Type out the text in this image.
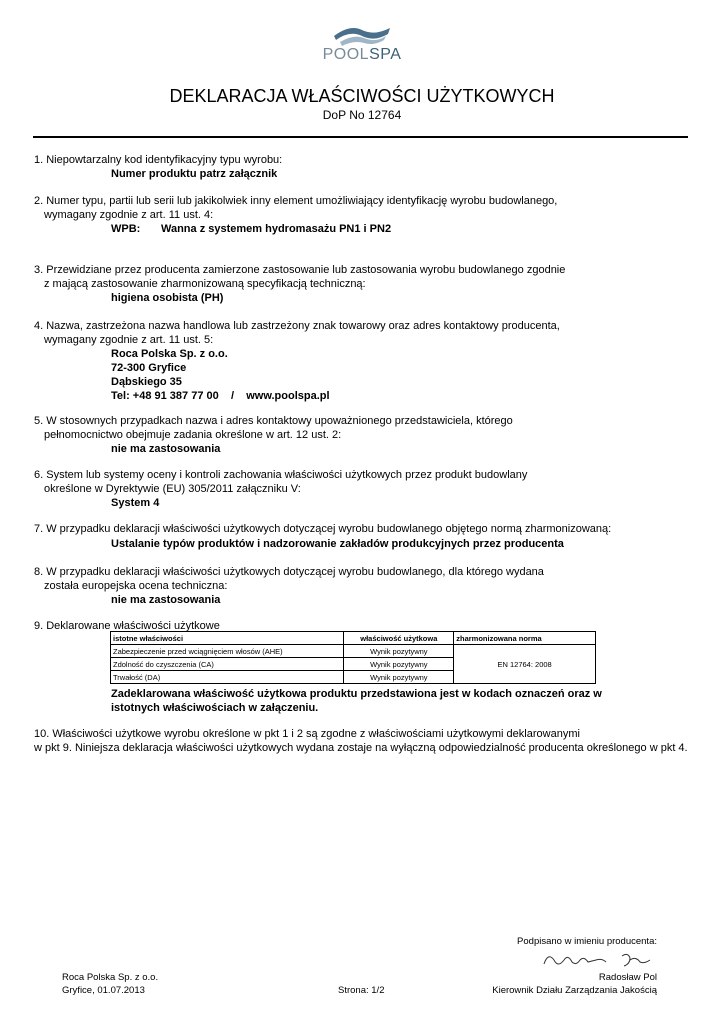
POOLSPA
DEKLARACJA WŁAŚCIWOŚCI UŻYTKOWYCH
DoP No 12764
1. Niepowtarzalny kod identyfikacyjny typu wyrobu:
Numer produktu patrz załącznik
2. Numer typu, partii lub serii lub jakikolwiek inny element umożliwiający identyfikację wyrobu budowlanego,
wymagany zgodnie z art. 11 ust. 4:
WPB: Wanna z systemem hydromasażu PN1 i PN2
3. Przewidziane przez producenta zamierzone zastosowanie lub zastosowania wyrobu budowlanego zgodnie
z mającą zastosowanie zharmonizowaną specyfikacją techniczną:
higiena osobista (PH)
4. Nazwa, zastrzeżona nazwa handlowa lub zastrzeżony znak towarowy oraz adres kontaktowy producenta,
wymagany zgodnie z art. 11 ust. 5:
Roca Polska Sp. z o.o.
72-300 Gryfice
Dąbskiego 35
Tel: +48 91 387 77 00    /    www.poolspa.pl
5. W stosownych przypadkach nazwa i adres kontaktowy upoważnionego przedstawiciela, którego
pełnomocnictwo obejmuje zadania określone w art. 12 ust. 2:
nie ma zastosowania
6. System lub systemy oceny i kontroli zachowania właściwości użytkowych przez produkt budowlany
określone w Dyrektywie (EU) 305/2011 załączniku V:
System 4
7. W przypadku deklaracji właściwości użytkowych dotyczącej wyrobu budowlanego objętego normą zharmonizowaną:
Ustalanie typów produktów i nadzorowanie zakładów produkcyjnych przez producenta
8. W przypadku deklaracji właściwości użytkowych dotyczącej wyrobu budowlanego, dla którego wydana
została europejska ocena techniczna:
nie ma zastosowania
9. Deklarowane właściwości użytkowe
istotne właściwości	właściwość użytkowa	zharmonizowana norma
Zabezpieczenie przed wciągnięciem włosów (AHE)	Wynik pozytywny	EN 12764: 2008
Zdolność do czyszczenia (CA)	Wynik pozytywny	
Trwałość (DA)	Wynik pozytywny	
Zadeklarowana właściwość użytkowa produktu przedstawiona jest w kodach oznaczeń oraz w
istotnych właściwościach w załączeniu.
10. Właściwości użytkowe wyrobu określone w pkt 1 i 2 są zgodne z właściwościami użytkowymi deklarowanymi
w pkt 9. Niniejsza deklaracja właściwości użytkowych wydana zostaje na wyłączną odpowiedzialność producenta określonego w pkt 4.
Podpisano w imieniu producenta:
Roca Polska Sp. z o.o.
Gryfice, 01.07.2013	Strona: 1/2
Radosław Pol
Kierownik Działu Zarządzania Jakością
